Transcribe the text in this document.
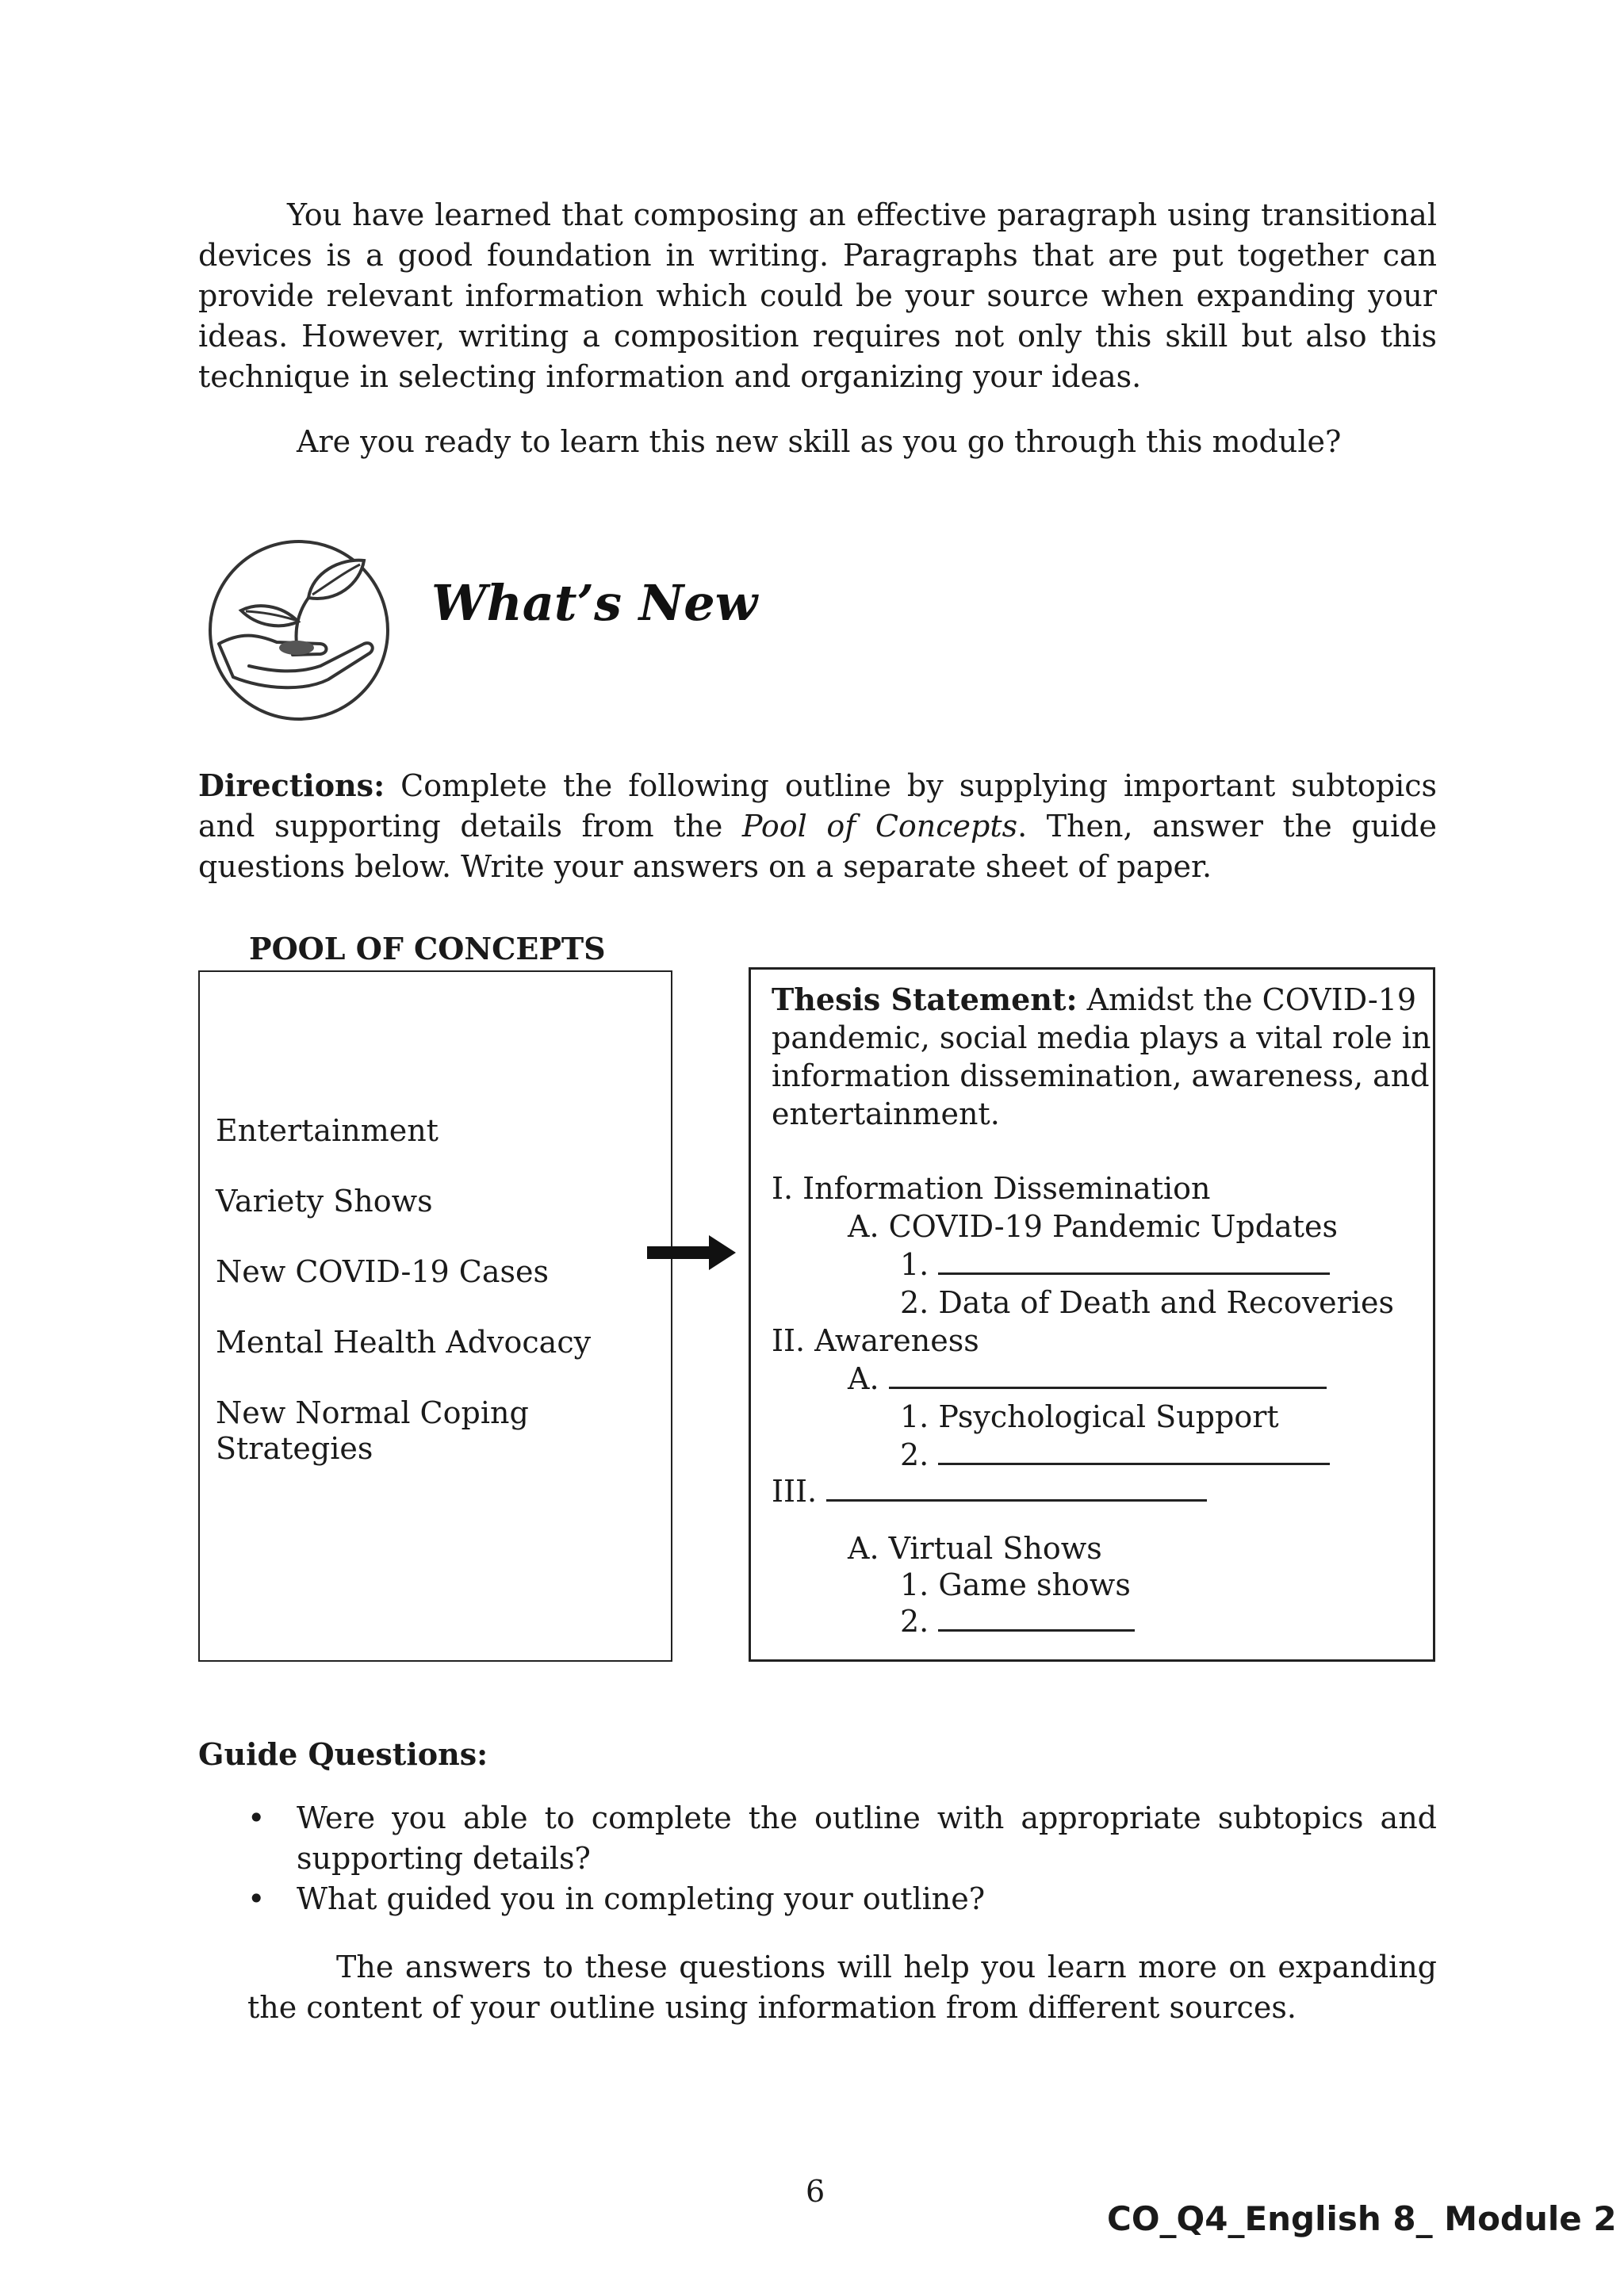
You have learned that composing an effective paragraph using transitional devices is a good foundation in writing. Paragraphs that are put together can provide relevant information which could be your source when expanding your ideas. However, writing a composition requires not only this skill but also this technique in selecting information and organizing your ideas.
Are you ready to learn this new skill as you go through this module?
What’s New
Directions: Complete the following outline by supplying important subtopics and supporting details from the Pool of Concepts. Then, answer the guide questions below. Write your answers on a separate sheet of paper.
POOL OF CONCEPTS
Entertainment
Variety Shows
New COVID-19 Cases
Mental Health Advocacy
New Normal Coping
Strategies
Thesis Statement: Amidst the COVID-19
pandemic, social media plays a vital role in
information dissemination, awareness, and
entertainment.
I. Information Dissemination
A. COVID-19 Pandemic Updates
1.
2. Data of Death and Recoveries
II. Awareness
A.
1. Psychological Support
2.
III.
A. Virtual Shows
1. Game shows
2.
Guide Questions:
• Were you able to complete the outline with appropriate subtopics and supporting details?
• What guided you in completing your outline?
The answers to these questions will help you learn more on expanding the content of your outline using information from different sources.
6
CO_Q4_English 8_ Module 2
